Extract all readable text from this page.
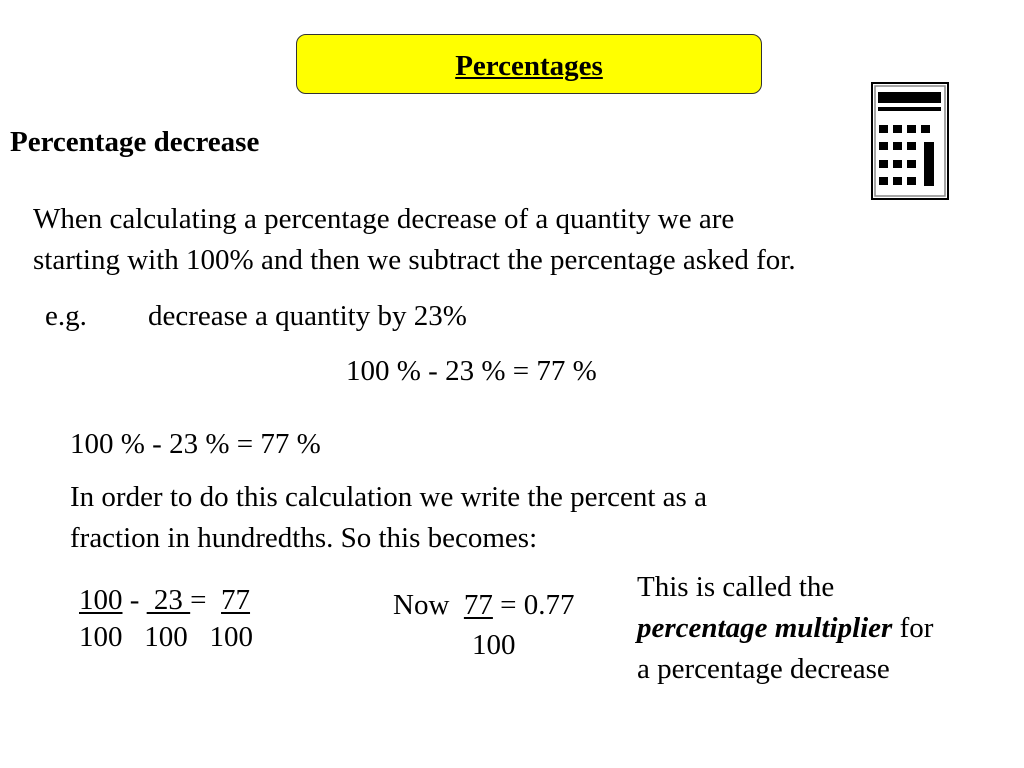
Percentages
Percentage decrease
When calculating a percentage decrease of a quantity we are
starting with 100% and then we subtract the percentage asked for.
e.g. decrease a quantity by 23%
100 % - 23 % = 77 %
100 % - 23 % = 77 %
In order to do this calculation we write the percent as a
fraction in hundredths. So this becomes:
100 -  23 =  77
100   100   100
Now  77 = 0.77
100
This is called the
percentage multiplier for
a percentage decrease
